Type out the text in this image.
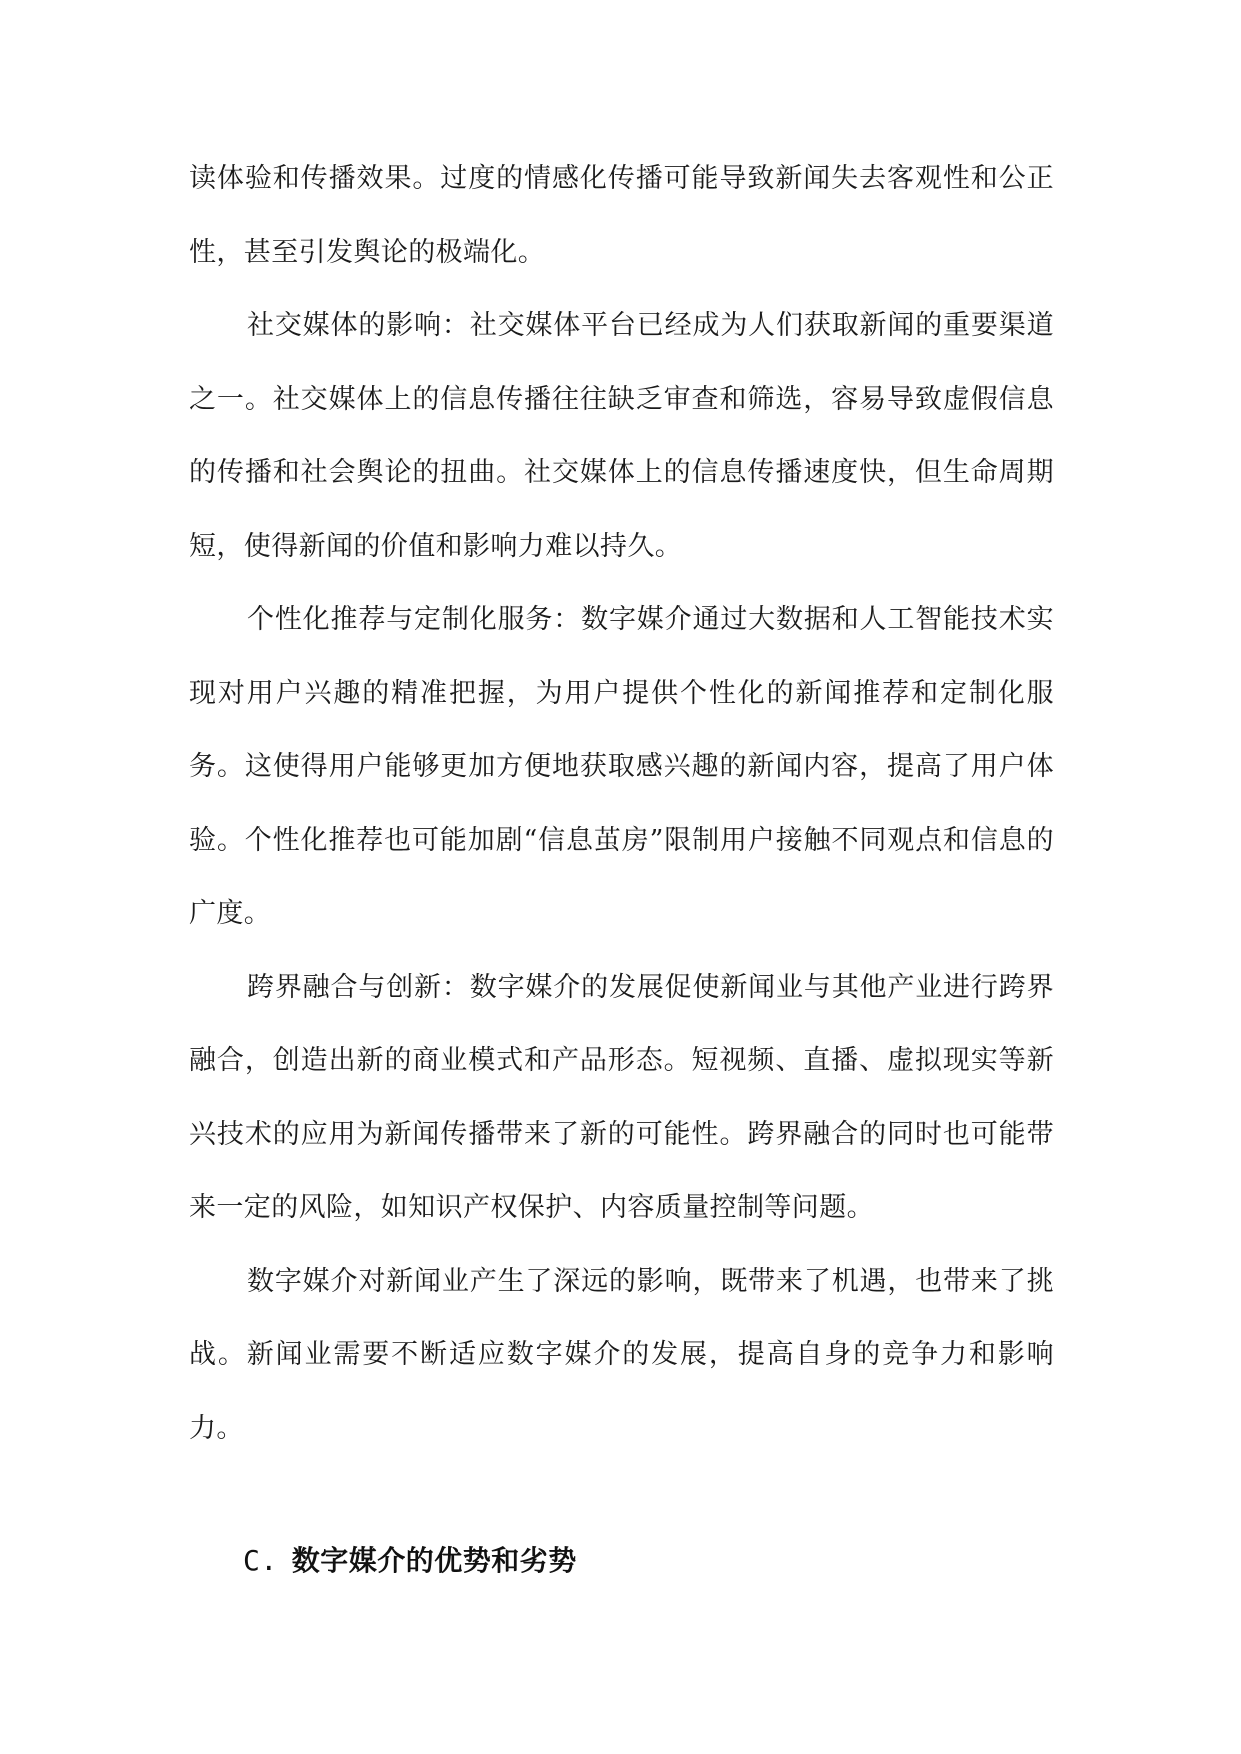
读体验和传播效果。过度的情感化传播可能导致新闻失去客观性和公正性，甚至引发舆论的极端化。

社交媒体的影响：社交媒体平台已经成为人们获取新闻的重要渠道之一。社交媒体上的信息传播往往缺乏审查和筛选，容易导致虚假信息的传播和社会舆论的扭曲。社交媒体上的信息传播速度快，但生命周期短，使得新闻的价值和影响力难以持久。

个性化推荐与定制化服务：数字媒介通过大数据和人工智能技术实现对用户兴趣的精准把握，为用户提供个性化的新闻推荐和定制化服务。这使得用户能够更加方便地获取感兴趣的新闻内容，提高了用户体验。个性化推荐也可能加剧“信息茧房”限制用户接触不同观点和信息的广度。

跨界融合与创新：数字媒介的发展促使新闻业与其他产业进行跨界融合，创造出新的商业模式和产品形态。短视频、直播、虚拟现实等新兴技术的应用为新闻传播带来了新的可能性。跨界融合的同时也可能带来一定的风险，如知识产权保护、内容质量控制等问题。

数字媒介对新闻业产生了深远的影响，既带来了机遇，也带来了挑战。新闻业需要不断适应数字媒介的发展，提高自身的竞争力和影响力。

C. 数字媒介的优势和劣势
